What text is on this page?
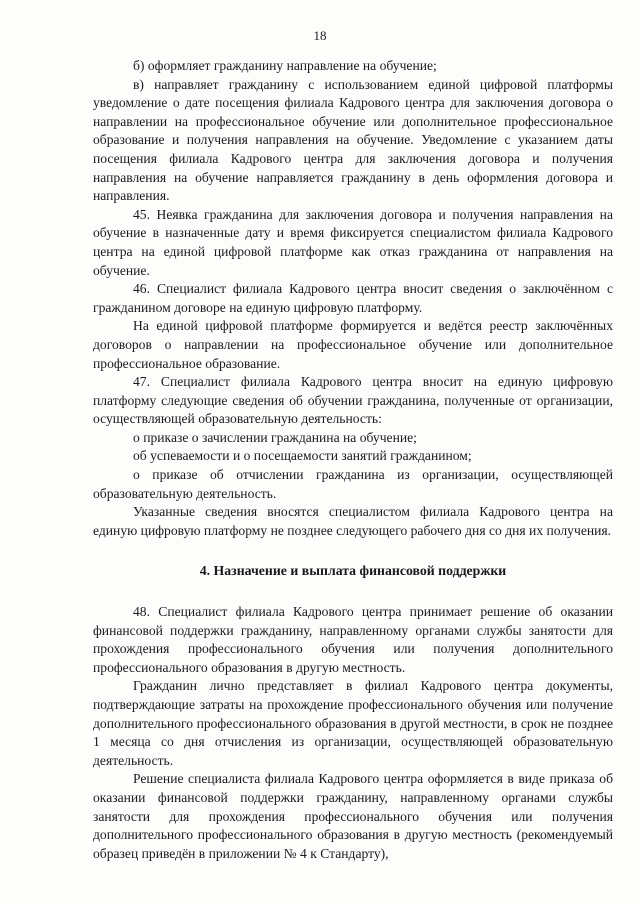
18

б) оформляет гражданину направление на обучение;

в) направляет гражданину с использованием единой цифровой платформы уведомление о дате посещения филиала Кадрового центра для заключения договора о направлении на профессиональное обучение или дополнительное профессиональное образование и получения направления на обучение. Уведомление с указанием даты посещения филиала Кадрового центра для заключения договора и получения направления на обучение направляется гражданину в день оформления договора и направления.

45. Неявка гражданина для заключения договора и получения направления на обучение в назначенные дату и время фиксируется специалистом филиала Кадрового центра на единой цифровой платформе как отказ гражданина от направления на обучение.

46. Специалист филиала Кадрового центра вносит сведения о заключённом с гражданином договоре на единую цифровую платформу.

На единой цифровой платформе формируется и ведётся реестр заключённых договоров о направлении на профессиональное обучение или дополнительное профессиональное образование.

47. Специалист филиала Кадрового центра вносит на единую цифровую платформу следующие сведения об обучении гражданина, полученные от организации, осуществляющей образовательную деятельность:

о приказе о зачислении гражданина на обучение;

об успеваемости и о посещаемости занятий гражданином;

о приказе об отчислении гражданина из организации, осуществляющей образовательную деятельность.

Указанные сведения вносятся специалистом филиала Кадрового центра на единую цифровую платформу не позднее следующего рабочего дня со дня их получения.

4. Назначение и выплата финансовой поддержки

48. Специалист филиала Кадрового центра принимает решение об оказании финансовой поддержки гражданину, направленному органами службы занятости для прохождения профессионального обучения или получения дополнительного профессионального образования в другую местность.

Гражданин лично представляет в филиал Кадрового центра документы, подтверждающие затраты на прохождение профессионального обучения или получение дополнительного профессионального образования в другой местности, в срок не позднее 1 месяца со дня отчисления из организации, осуществляющей образовательную деятельность.

Решение специалиста филиала Кадрового центра оформляется в виде приказа об оказании финансовой поддержки гражданину, направленному органами службы занятости для прохождения профессионального обучения или получения дополнительного профессионального образования в другую местность (рекомендуемый образец приведён в приложении № 4 к Стандарту),
